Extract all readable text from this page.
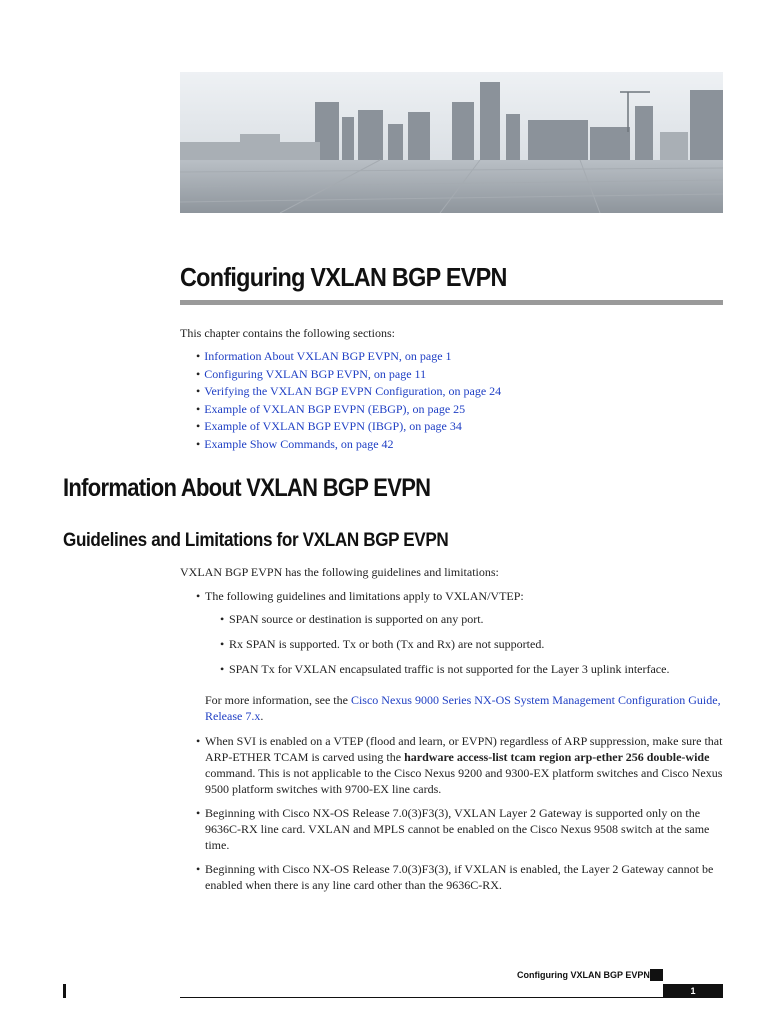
Configuring VXLAN BGP EVPN
This chapter contains the following sections:
• Information About VXLAN BGP EVPN, on page 1
• Configuring VXLAN BGP EVPN, on page 11
• Verifying the VXLAN BGP EVPN Configuration, on page 24
• Example of VXLAN BGP EVPN (EBGP), on page 25
• Example of VXLAN BGP EVPN (IBGP), on page 34
• Example Show Commands, on page 42
Information About VXLAN BGP EVPN
Guidelines and Limitations for VXLAN BGP EVPN
VXLAN BGP EVPN has the following guidelines and limitations:
• The following guidelines and limitations apply to VXLAN/VTEP:
• SPAN source or destination is supported on any port.
• Rx SPAN is supported. Tx or both (Tx and Rx) are not supported.
• SPAN Tx for VXLAN encapsulated traffic is not supported for the Layer 3 uplink interface.
For more information, see the Cisco Nexus 9000 Series NX-OS System Management Configuration Guide, Release 7.x.
• When SVI is enabled on a VTEP (flood and learn, or EVPN) regardless of ARP suppression, make sure that ARP-ETHER TCAM is carved using the hardware access-list tcam region arp-ether 256 double-wide command. This is not applicable to the Cisco Nexus 9200 and 9300-EX platform switches and Cisco Nexus 9500 platform switches with 9700-EX line cards.
• Beginning with Cisco NX-OS Release 7.0(3)F3(3), VXLAN Layer 2 Gateway is supported only on the 9636C-RX line card. VXLAN and MPLS cannot be enabled on the Cisco Nexus 9508 switch at the same time.
• Beginning with Cisco NX-OS Release 7.0(3)F3(3), if VXLAN is enabled, the Layer 2 Gateway cannot be enabled when there is any line card other than the 9636C-RX.
Configuring VXLAN BGP EVPN
1
